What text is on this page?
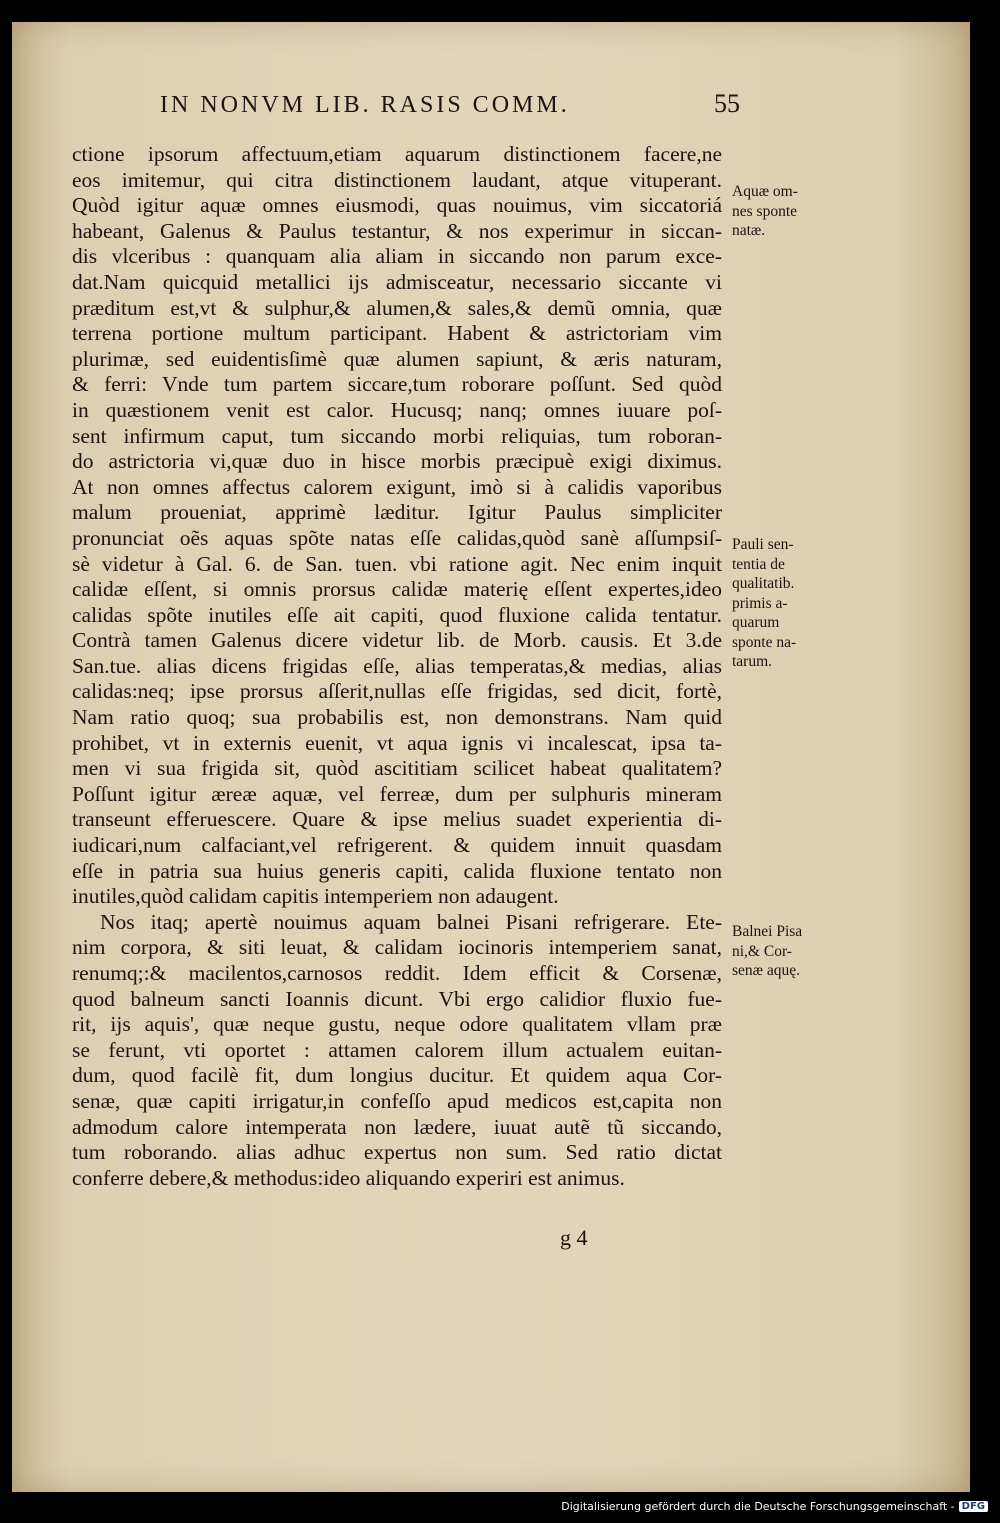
IN NONVM LIB. RASIS COMM.	55
ctione ipsorum affectuum,etiam aquarum distinctionem facere,ne
eos imitemur, qui citra distinctionem laudant, atque vituperant.
Quòd igitur aquæ omnes eiusmodi, quas nouimus, vim siccatoriá
habeant, Galenus & Paulus testantur, & nos experimur in siccan-
dis vlceribus : quanquam alia aliam in siccando non parum exce-
dat.Nam quicquid metallici ijs admisceatur, necessario siccante vi
præditum est,vt & sulphur,& alumen,& sales,& demũ omnia, quæ
terrena portione multum participant. Habent & astrictoriam vim
plurimæ, sed euidentisſimè quæ alumen sapiunt, & æris naturam,
& ferri: Vnde tum partem siccare,tum roborare poſſunt. Sed quòd
in quæstionem venit est calor. Hucusq; nanq; omnes iuuare poſ-
sent infirmum caput, tum siccando morbi reliquias, tum roboran-
do astrictoria vi,quæ duo in hisce morbis præcipuè exigi diximus.
At non omnes affectus calorem exigunt, imò si à calidis vaporibus
malum proueniat, apprimè læditur. Igitur Paulus simpliciter
pronunciat oẽs aquas spõte natas eſſe calidas,quòd sanè aſſumpsiſ-
sè videtur à Gal. 6. de San. tuen. vbi ratione agit. Nec enim inquit
calidæ eſſent, si omnis prorsus calidæ materię eſſent expertes,ideo
calidas spõte inutiles eſſe ait capiti, quod fluxione calida tentatur.
Contrà tamen Galenus dicere videtur lib. de Morb. causis. Et 3.de
San.tue. alias dicens frigidas eſſe, alias temperatas,& medias, alias
calidas:neq; ipse prorsus aſſerit,nullas eſſe frigidas, sed dicit, fortè,
Nam ratio quoq; sua probabilis est, non demonstrans. Nam quid
prohibet, vt in externis euenit, vt aqua ignis vi incalescat, ipsa ta-
men vi sua frigida sit, quòd ascititiam scilicet habeat qualitatem?
Poſſunt igitur æreæ aquæ, vel ferreæ, dum per sulphuris mineram
transeunt efferuescere. Quare & ipse melius suadet experientia di-
iudicari,num calfaciant,vel refrigerent. & quidem innuit quasdam
eſſe in patria sua huius generis capiti, calida fluxione tentato non
inutiles,quòd calidam capitis intemperiem non adaugent.
Nos itaq; apertè nouimus aquam balnei Pisani refrigerare. Ete-
nim corpora, & siti leuat, & calidam iocinoris intemperiem sanat,
renumq;:& macilentos,carnosos reddit. Idem efficit & Corsenæ,
quod balneum sancti Ioannis dicunt. Vbi ergo calidior fluxio fue-
rit, ijs aquis', quæ neque gustu, neque odore qualitatem vllam præ
se ferunt, vti oportet : attamen calorem illum actualem euitan-
dum, quod facilè fit, dum longius ducitur. Et quidem aqua Cor-
senæ, quæ capiti irrigatur,in confeſſo apud medicos est,capita non
admodum calore intemperata non lædere, iuuat autẽ tũ siccando,
tum roborando. alias adhuc expertus non sum. Sed ratio dictat
conferre debere,& methodus:ideo aliquando experiri est animus.
Aquæ om-
nes sponte
natæ.
Pauli sen-
tentia de
qualitatib.
primis a-
quarum
sponte na-
tarum.
Balnei Pisa
ni,& Cor-
senæ aquę.
g 4
Digitalisierung gefördert durch die Deutsche Forschungsgemeinschaft - DFG
